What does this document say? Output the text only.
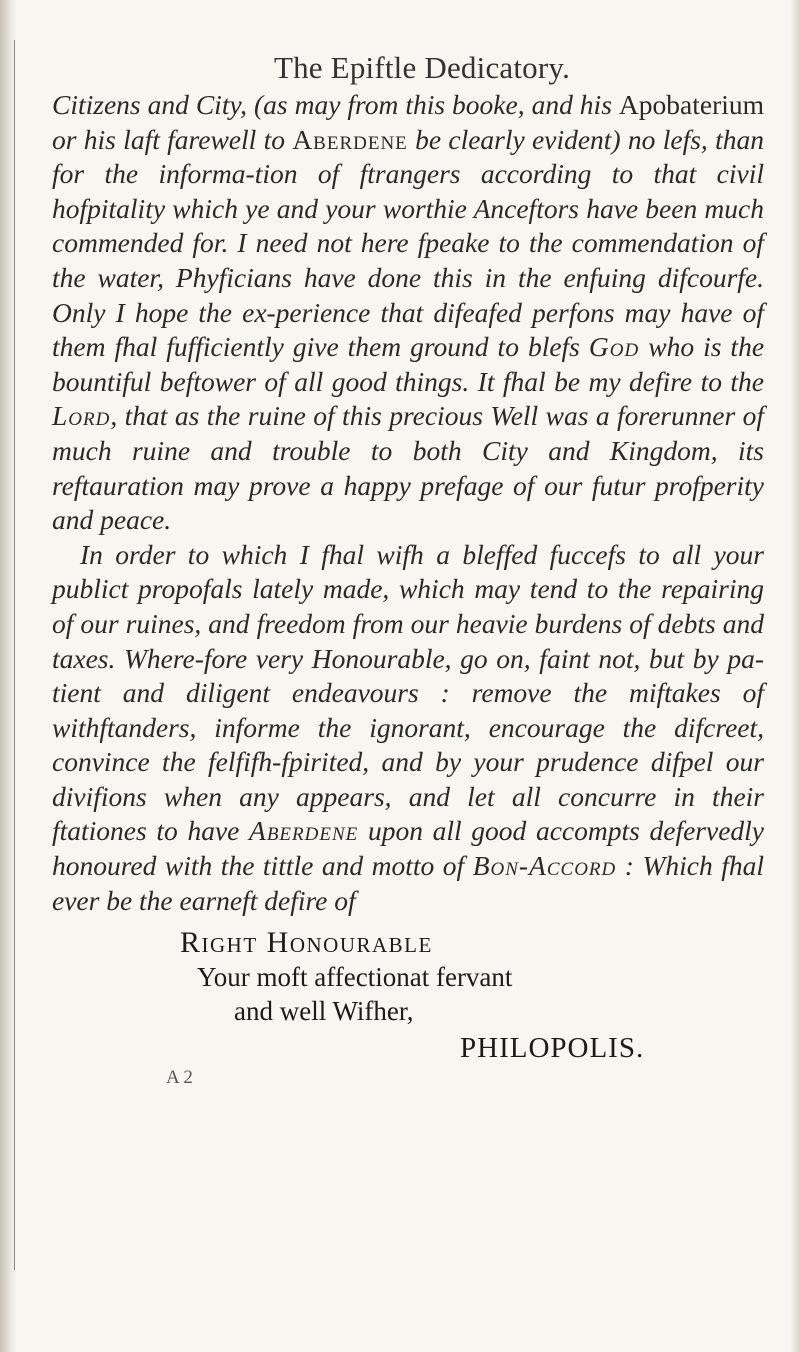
The Epiftle Dedicatory.

Citizens and City, (as may from this booke, and his Apobaterium or his laft farewell to Aberdene be clearly evident) no lefs, than for the informa-tion of ftrangers according to that civil hofpitality which ye and your worthie Anceftors have been much commended for. I need not here fpeake to the commendation of the water, Phyficians have done this in the enfuing difcourfe. Only I hope the ex-perience that difeafed perfons may have of them fhal fufficiently give them ground to blefs God who is the bountiful beftower of all good things. It fhal be my defire to the Lord, that as the ruine of this precious Well was a forerunner of much ruine and trouble to both City and Kingdom, its reftauration may prove a happy prefage of our futur profperity and peace.

In order to which I fhal wifh a bleffed fuccefs to all your publict propofals lately made, which may tend to the repairing of our ruines, and freedom from our heavie burdens of debts and taxes. Where-fore very Honourable, go on, faint not, but by pa-tient and diligent endeavours : remove the miftakes of withftanders, informe the ignorant, encourage the difcreet, convince the felfifh-fpirited, and by your prudence difpel our divifions when any appears, and let all concurre in their ftationes to have Aberdene upon all good accompts defervedly honoured with the tittle and motto of Bon-Accord : Which fhal ever be the earneft defire of

Right Honourable
Your moft affectionat fervant
and well Wifher,
PHILOPOLIS.
A 2
